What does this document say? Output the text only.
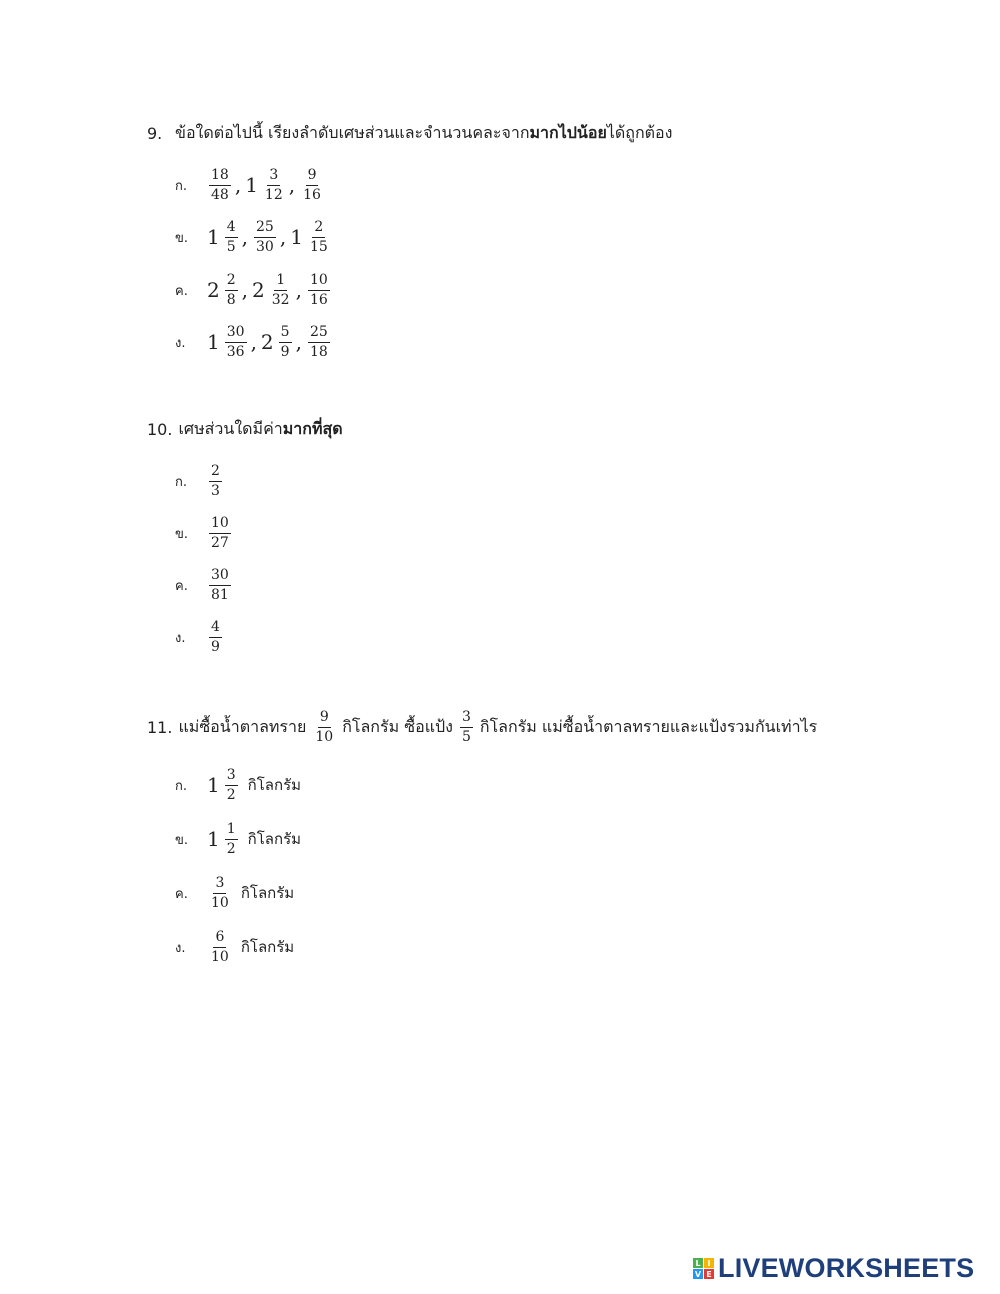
9. ข้อใดต่อไปนี้ เรียงลำดับเศษส่วนและจำนวนคละจากมากไปน้อยได้ถูกต้อง
ก.	$\frac{18}{48}$ , $1 \frac{3}{12}$ , $\frac{9}{16}$
ข. $1 \frac{4}{5}$ , $\frac{25}{30}$ , $1 \frac{2}{15}$
ค. $2 \frac{2}{8}$ , $2 \frac{1}{32}$ , $\frac{10}{16}$
ง.	$1 \frac{30}{36}$ , $2 \frac{5}{9}$ , $\frac{25}{18}$
10. เศษส่วนใดมีค่ามากที่สุด
ก.	$\frac{2}{3}$
ข.	$\frac{10}{27}$
ค.	$\frac{30}{81}$
ง.	$\frac{4}{9}$
11. แม่ซื้อน้ำตาลทราย $\frac{9}{10}$ กิโลกรัม ซื้อแป้ง $\frac{3}{5}$ กิโลกรัม แม่ซื้อน้ำตาลทรายและแป้งรวมกันเท่าไร
ก. $1 \frac{3}{2}$ กิโลกรัม
ข. $1 \frac{1}{2}$ กิโลกรัม
ค.	$\frac{3}{10}$ กิโลกรัม
ง.	$\frac{6}{10}$ กิโลกรัม
L I
V E LIVEWORKSHEETS
